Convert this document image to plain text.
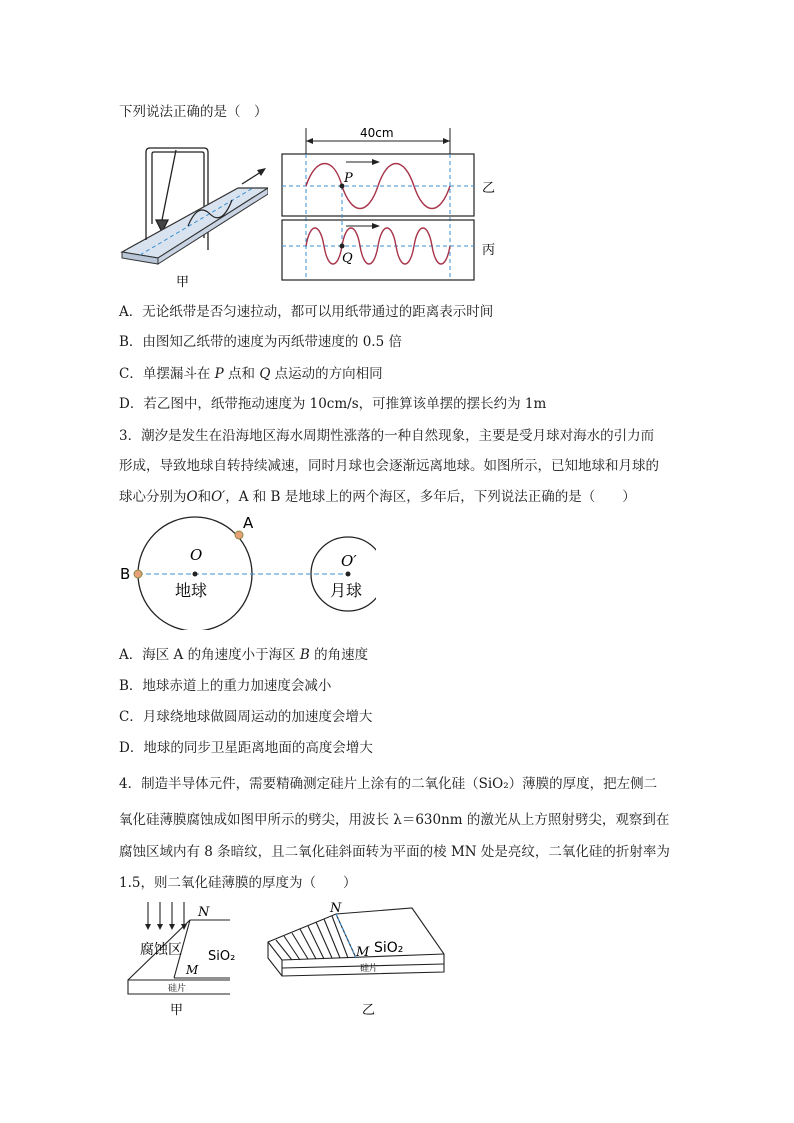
下列说法正确的是（　）
甲
40cm
P
乙
Q
丙
A．无论纸带是否匀速拉动，都可以用纸带通过的距离表示时间
B．由图知乙纸带的速度为丙纸带速度的 0.5 倍
C．单摆漏斗在 P 点和 Q 点运动的方向相同
D．若乙图中，纸带拖动速度为 10cm/s，可推算该单摆的摆长约为 1m
3．潮汐是发生在沿海地区海水周期性涨落的一种自然现象，主要是受月球对海水的引力而
形成，导致地球自转持续减速，同时月球也会逐渐远离地球。如图所示，已知地球和月球的
球心分别为O和O′，A 和 B 是地球上的两个海区，多年后，下列说法正确的是（　　）
A
B
O	O′
地球	月球
A．海区 A 的角速度小于海区 B 的角速度
B．地球赤道上的重力加速度会减小
C．月球绕地球做圆周运动的加速度会增大
D．地球的同步卫星距离地面的高度会增大
4．制造半导体元件，需要精确测定硅片上涂有的二氧化硅（SiO₂）薄膜的厚度，把左侧二
氧化硅薄膜腐蚀成如图甲所示的劈尖，用波长 λ＝630nm 的激光从上方照射劈尖，观察到在
腐蚀区域内有 8 条暗纹，且二氧化硅斜面转为平面的棱 MN 处是亮纹，二氧化硅的折射率为
1.5，则二氧化硅薄膜的厚度为（　　）
N
腐蚀区
M
SiO₂
硅片
甲
N
M SiO₂
硅片
乙
